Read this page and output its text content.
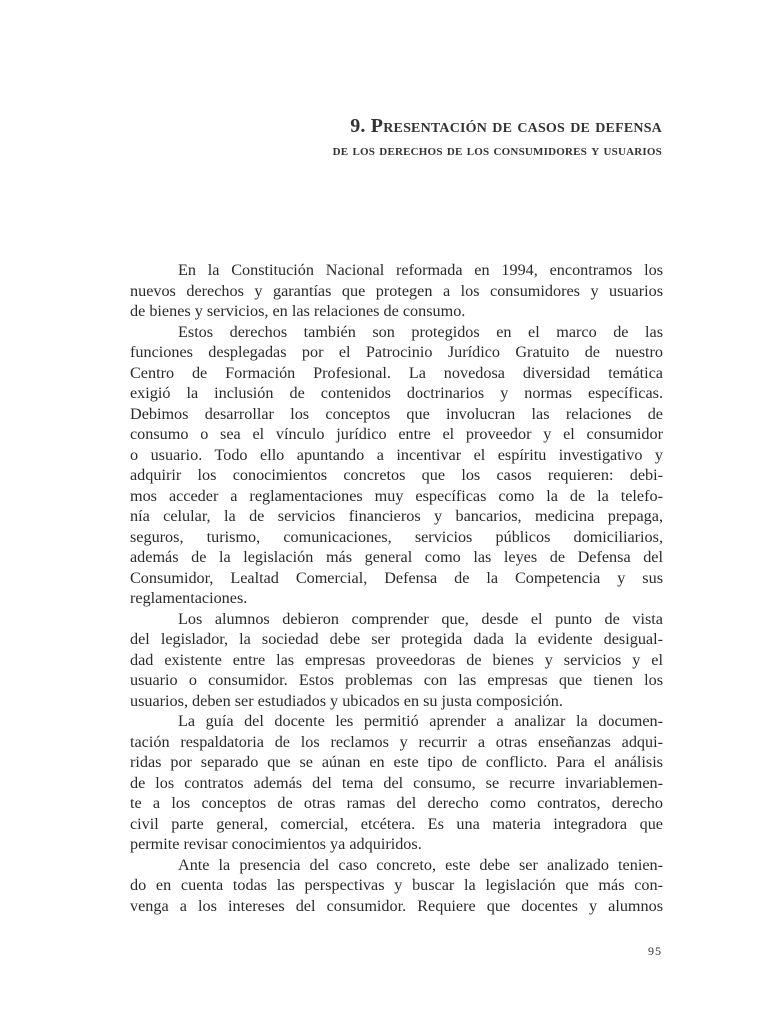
9. Presentación de casos de defensa
de los derechos de los consumidores y usuarios
En la Constitución Nacional reformada en 1994, encontramos los
nuevos derechos y garantías que protegen a los consumidores y usuarios
de bienes y servicios, en las relaciones de consumo.
Estos derechos también son protegidos en el marco de las
funciones desplegadas por el Patrocinio Jurídico Gratuito de nuestro
Centro de Formación Profesional. La novedosa diversidad temática
exigió la inclusión de contenidos doctrinarios y normas específicas.
Debimos desarrollar los conceptos que involucran las relaciones de
consumo o sea el vínculo jurídico entre el proveedor y el consumidor
o usuario. Todo ello apuntando a incentivar el espíritu investigativo y
adquirir los conocimientos concretos que los casos requieren: debi-
mos acceder a reglamentaciones muy específicas como la de la telefo-
nía celular, la de servicios financieros y bancarios, medicina prepaga,
seguros, turismo, comunicaciones, servicios públicos domiciliarios,
además de la legislación más general como las leyes de Defensa del
Consumidor, Lealtad Comercial, Defensa de la Competencia y sus
reglamentaciones.
Los alumnos debieron comprender que, desde el punto de vista
del legislador, la sociedad debe ser protegida dada la evidente desigual-
dad existente entre las empresas proveedoras de bienes y servicios y el
usuario o consumidor. Estos problemas con las empresas que tienen los
usuarios, deben ser estudiados y ubicados en su justa composición.
La guía del docente les permitió aprender a analizar la documen-
tación respaldatoria de los reclamos y recurrir a otras enseñanzas adqui-
ridas por separado que se aúnan en este tipo de conflicto. Para el análisis
de los contratos además del tema del consumo, se recurre invariablemen-
te a los conceptos de otras ramas del derecho como contratos, derecho
civil parte general, comercial, etcétera. Es una materia integradora que
permite revisar conocimientos ya adquiridos.
Ante la presencia del caso concreto, este debe ser analizado tenien-
do en cuenta todas las perspectivas y buscar la legislación que más con-
venga a los intereses del consumidor. Requiere que docentes y alumnos
95
